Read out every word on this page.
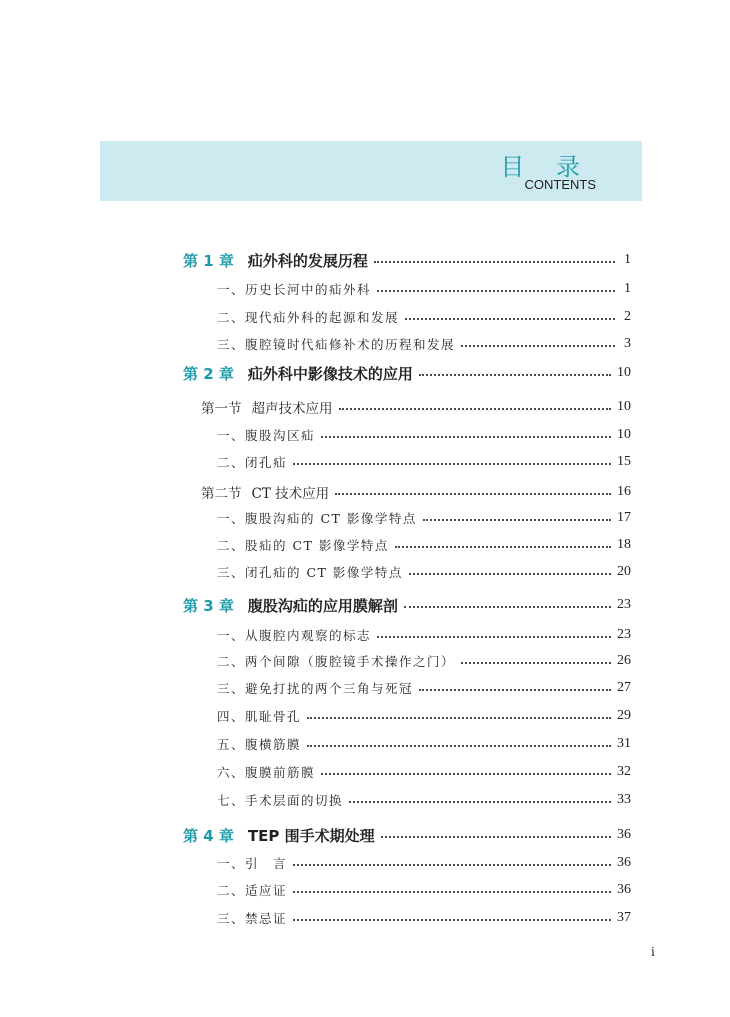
目 录

CONTENTS

第 1 章 疝外科的发展历程	1
一、历史长河中的疝外科	1
二、现代疝外科的起源和发展	2
三、腹腔镜时代疝修补术的历程和发展	3
第 2 章 疝外科中影像技术的应用	10
第一节 超声技术应用	10
一、腹股沟区疝	10
二、闭孔疝	15
第二节 CT 技术应用	16
一、腹股沟疝的 CT 影像学特点	17
二、股疝的 CT 影像学特点	18
三、闭孔疝的 CT 影像学特点	20
第 3 章 腹股沟疝的应用膜解剖	23
一、从腹腔内观察的标志	23
二、两个间隙（腹腔镜手术操作之门）	26
三、避免打扰的两个三角与死冠	27
四、肌耻骨孔	29
五、腹横筋膜	31
六、腹膜前筋膜	32
七、手术层面的切换	33
第 4 章 TEP 围手术期处理	36
一、引　言	36
二、适应证	36
三、禁忌证	37
i
